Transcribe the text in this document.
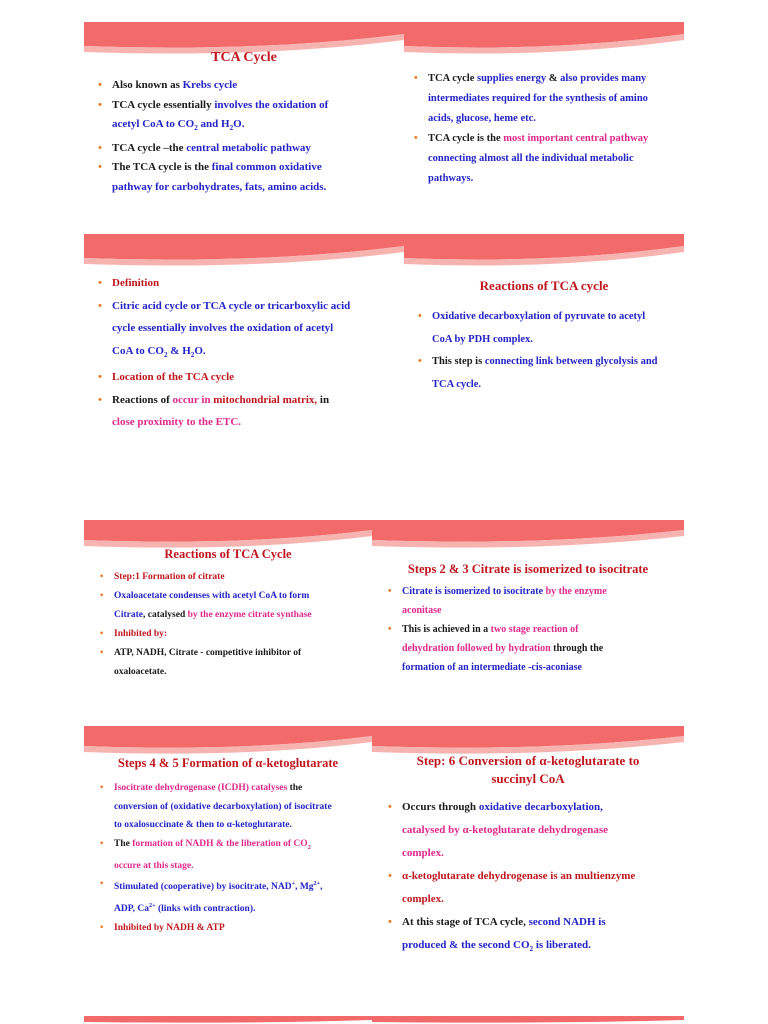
TCA Cycle
• Also known as Krebs cycle
• TCA cycle essentially involves the oxidation of
acetyl CoA to $CO_2$ and $H_2O$.
• TCA cycle –the central metabolic pathway
• The TCA cycle is the final common oxidative
pathway for carbohydrates, fats, amino acids.
• TCA cycle supplies energy & also provides many
intermediates required for the synthesis of amino
acids, glucose, heme etc.
• TCA cycle is the most important central pathway
connecting almost all the individual metabolic
pathways.
• Definition
• Citric acid cycle or TCA cycle or tricarboxylic acid
cycle essentially involves the oxidation of acetyl
CoA to $CO_2$ & $H_2O$.
• Location of the TCA cycle
• Reactions of occur in mitochondrial matrix, in
close proximity to the ETC.
Reactions of TCA cycle
• Oxidative decarboxylation of pyruvate to acetyl
CoA by PDH complex.
• This step is connecting link between glycolysis and
TCA cycle.
Reactions of TCA Cycle
• Step:1 Formation of citrate
• Oxaloacetate condenses with acetyl CoA to form
Citrate, catalysed by the enzyme citrate synthase
• Inhibited by:
• ATP, NADH, Citrate - competitive inhibitor of
oxaloacetate.
Steps 2 & 3 Citrate is isomerized to isocitrate
• Citrate is isomerized to isocitrate by the enzyme
aconitase
• This is achieved in a two stage reaction of
dehydration followed by hydration through the
formation of an intermediate -cis-aconiase
Steps 4 & 5 Formation of α-ketoglutarate
• Isocitrate dehydrogenase (ICDH) catalyses the
conversion of (oxidative decarboxylation) of isocitrate
to oxalosuccinate & then to α-ketoglutarate.
• The formation of NADH & the liberation of $CO_2$
occure at this stage.
• Stimulated (cooperative) by isocitrate, NAD+, $Mg^{2+}$,
ADP, $Ca^{2+}$ (links with contraction).
• Inhibited by NADH & ATP
Step: 6 Conversion of α-ketoglutarate to
succinyl CoA
• Occurs through oxidative decarboxylation,
catalysed by α-ketoglutarate dehydrogenase
complex.
• α-ketoglutarate dehydrogenase is an multienzyme
complex.
• At this stage of TCA cycle, second NADH is
produced & the second $CO_2$ is liberated.
